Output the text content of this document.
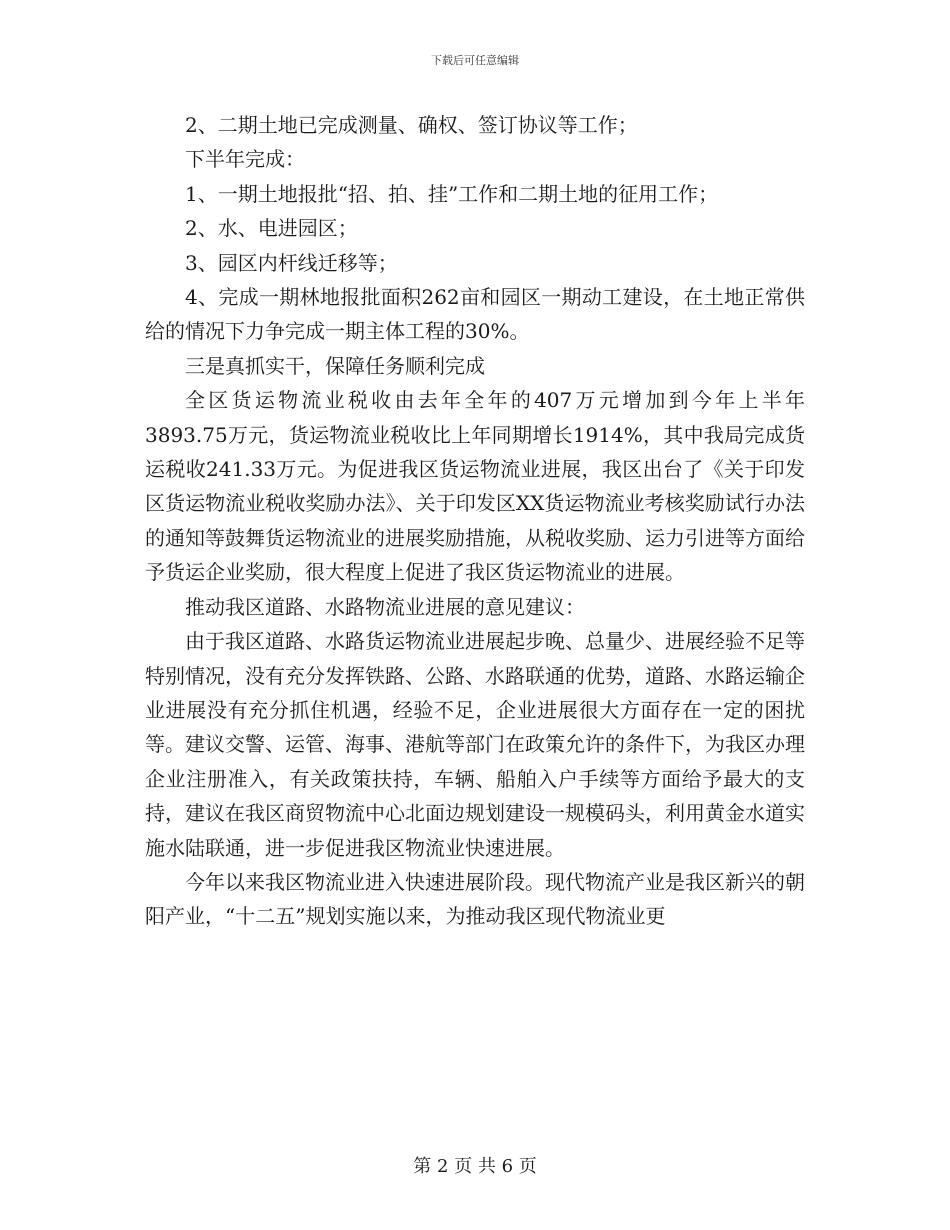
下载后可任意编辑

2、二期土地已完成测量、确权、签订协议等工作；

下半年完成：

1、一期土地报批“招、拍、挂”工作和二期土地的征用工作；

2、水、电进园区；

3、园区内杆线迁移等；

4、完成一期林地报批面积262亩和园区一期动工建设，在土地正常供给的情况下力争完成一期主体工程的30%。

三是真抓实干，保障任务顺利完成

全区货运物流业税收由去年全年的407万元增加到今年上半年3893.75万元，货运物流业税收比上年同期增长1914%，其中我局完成货运税收241.33万元。为促进我区货运物流业进展，我区出台了《关于印发区货运物流业税收奖励办法》、关于印发区XX货运物流业考核奖励试行办法的通知等鼓舞货运物流业的进展奖励措施，从税收奖励、运力引进等方面给予货运企业奖励，很大程度上促进了我区货运物流业的进展。

推动我区道路、水路物流业进展的意见建议：

由于我区道路、水路货运物流业进展起步晚、总量少、进展经验不足等特别情况，没有充分发挥铁路、公路、水路联通的优势，道路、水路运输企业进展没有充分抓住机遇，经验不足，企业进展很大方面存在一定的困扰等。建议交警、运管、海事、港航等部门在政策允许的条件下，为我区办理企业注册准入，有关政策扶持，车辆、船舶入户手续等方面给予最大的支持，建议在我区商贸物流中心北面边规划建设一规模码头，利用黄金水道实施水陆联通，进一步促进我区物流业快速进展。

今年以来我区物流业进入快速进展阶段。现代物流产业是我区新兴的朝阳产业，“十二五”规划实施以来，为推动我区现代物流业更

第 2 页 共 6 页
